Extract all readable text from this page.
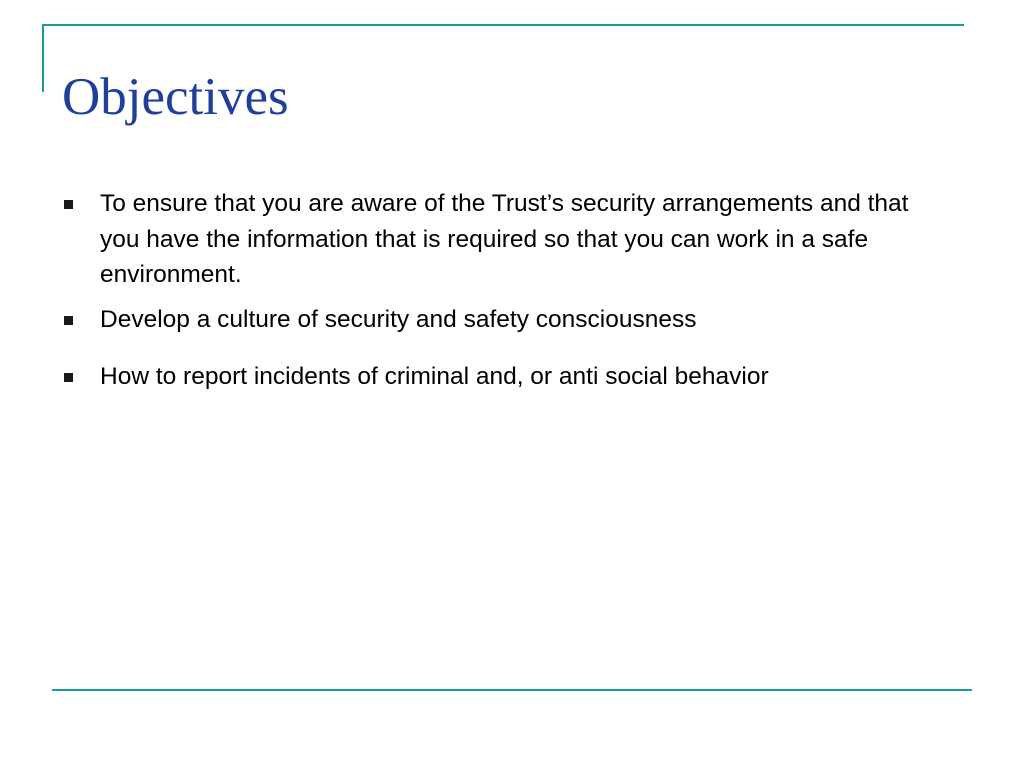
Objectives
To ensure that you are aware of the Trust’s security arrangements and that you have the information that is required so that you can work in a safe environment.
Develop a culture of security and safety consciousness
How to report incidents of criminal and, or anti social behavior
